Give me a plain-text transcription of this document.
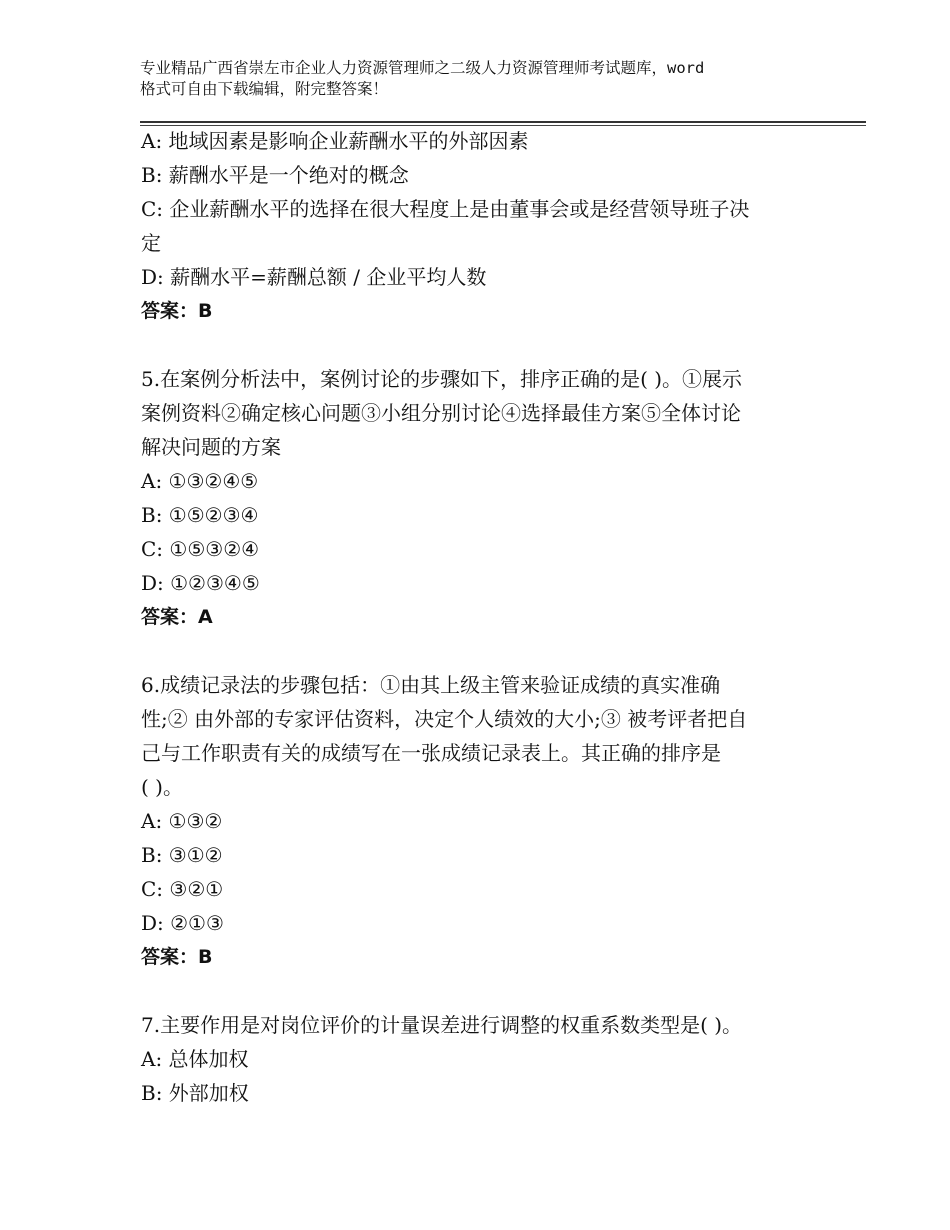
专业精品广西省崇左市企业人力资源管理师之二级人力资源管理师考试题库，word
格式可自由下载编辑，附完整答案！
A: 地域因素是影响企业薪酬水平的外部因素
B: 薪酬水平是一个绝对的概念
C: 企业薪酬水平的选择在很大程度上是由董事会或是经营领导班子决
定
D: 薪酬水平=薪酬总额 / 企业平均人数
答案：B
5.在案例分析法中，案例讨论的步骤如下，排序正确的是( )。①展示
案例资料②确定核心问题③小组分别讨论④选择最佳方案⑤全体讨论
解决问题的方案
A: ①③②④⑤
B: ①⑤②③④
C: ①⑤③②④
D: ①②③④⑤
答案：A
6.成绩记录法的步骤包括：①由其上级主管来验证成绩的真实准确
性;② 由外部的专家评估资料，决定个人绩效的大小;③ 被考评者把自
己与工作职责有关的成绩写在一张成绩记录表上。其正确的排序是
( )。
A: ①③②
B: ③①②
C: ③②①
D: ②①③
答案：B
7.主要作用是对岗位评价的计量误差进行调整的权重系数类型是( )。
A: 总体加权
B: 外部加权
